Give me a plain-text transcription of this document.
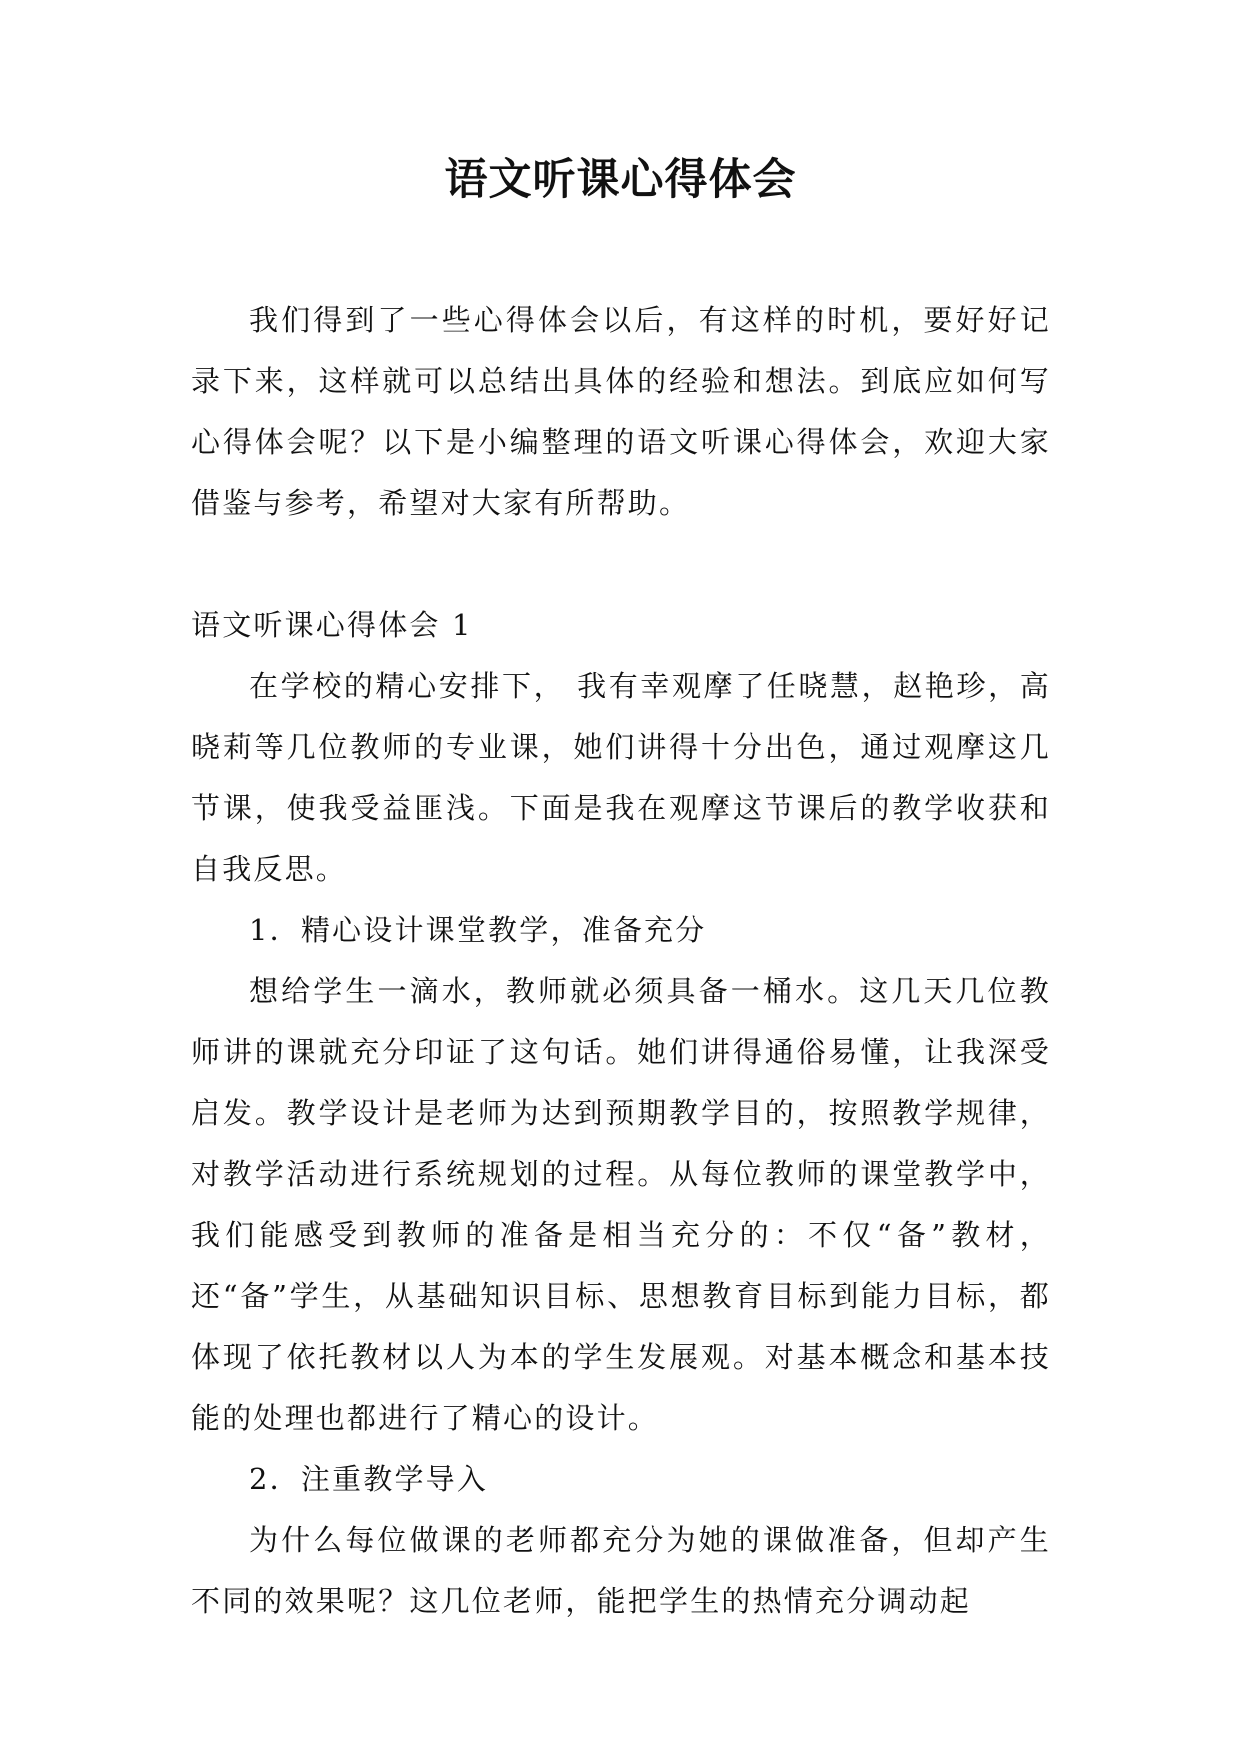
语文听课心得体会

我们得到了一些心得体会以后，有这样的时机，要好好记录下来，这样就可以总结出具体的经验和想法。到底应如何写心得体会呢？以下是小编整理的语文听课心得体会，欢迎大家借鉴与参考，希望对大家有所帮助。

语文听课心得体会 1

在学校的精心安排下， 我有幸观摩了任晓慧，赵艳珍，高晓莉等几位教师的专业课，她们讲得十分出色，通过观摩这几节课，使我受益匪浅。下面是我在观摩这节课后的教学收获和自我反思。

1．精心设计课堂教学，准备充分

想给学生一滴水，教师就必须具备一桶水。这几天几位教师讲的课就充分印证了这句话。她们讲得通俗易懂，让我深受启发。教学设计是老师为达到预期教学目的，按照教学规律，对教学活动进行系统规划的过程。从每位教师的课堂教学中，我们能感受到教师的准备是相当充分的：不仅“备”教材，还“备”学生，从基础知识目标、思想教育目标到能力目标，都体现了依托教材以人为本的学生发展观。对基本概念和基本技能的处理也都进行了精心的设计。

2．注重教学导入

为什么每位做课的老师都充分为她的课做准备，但却产生不同的效果呢？这几位老师，能把学生的热情充分调动起
